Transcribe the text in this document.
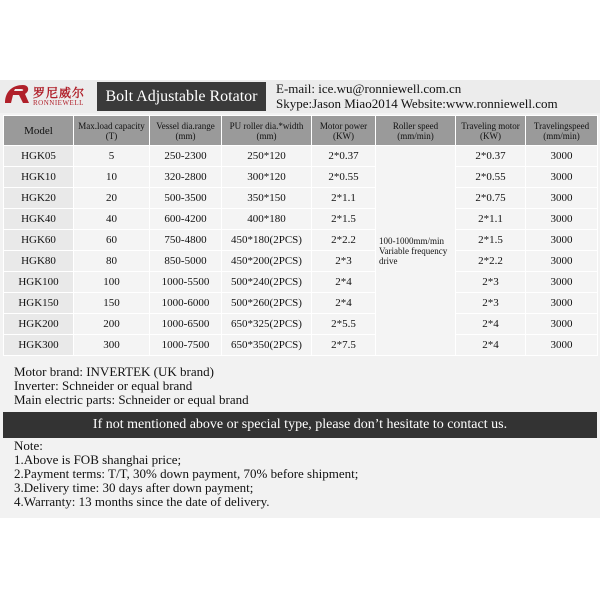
罗尼威尔
RONNIEWELL	Bolt Adjustable Rotator	E-mail: ice.wu@ronniewell.com.cn
Skype:Jason Miao2014 Website:www.ronniewell.com
Model	Max.load capacity (T)	Vessel dia.range (mm)	PU roller dia.*width (mm)	Motor power (KW)	Roller speed (mm/min)	Traveling motor (KW)	Travelingspeed (mm/min)
HGK05	5	250-2300	250*120	2*0.37	100-1000mm/min Variable frequency drive	2*0.37	3000
HGK10	10	320-2800	300*120	2*0.55		2*0.55	3000
HGK20	20	500-3500	350*150	2*1.1		2*0.75	3000
HGK40	40	600-4200	400*180	2*1.5		2*1.1	3000
HGK60	60	750-4800	450*180(2PCS)	2*2.2		2*1.5	3000
HGK80	80	850-5000	450*200(2PCS)	2*3		2*2.2	3000
HGK100	100	1000-5500	500*240(2PCS)	2*4		2*3	3000
HGK150	150	1000-6000	500*260(2PCS)	2*4		2*3	3000
HGK200	200	1000-6500	650*325(2PCS)	2*5.5		2*4	3000
HGK300	300	1000-7500	650*350(2PCS)	2*7.5		2*4	3000
Motor brand: INVERTEK (UK brand)
Inverter: Schneider or equal brand
Main electric parts: Schneider or equal brand
If not mentioned above or special type, please don’t hesitate to contact us.
Note:
1.Above is FOB shanghai price;
2.Payment terms: T/T, 30% down payment, 70% before shipment;
3.Delivery time: 30 days after down payment;
4.Warranty: 13 months since the date of delivery.
